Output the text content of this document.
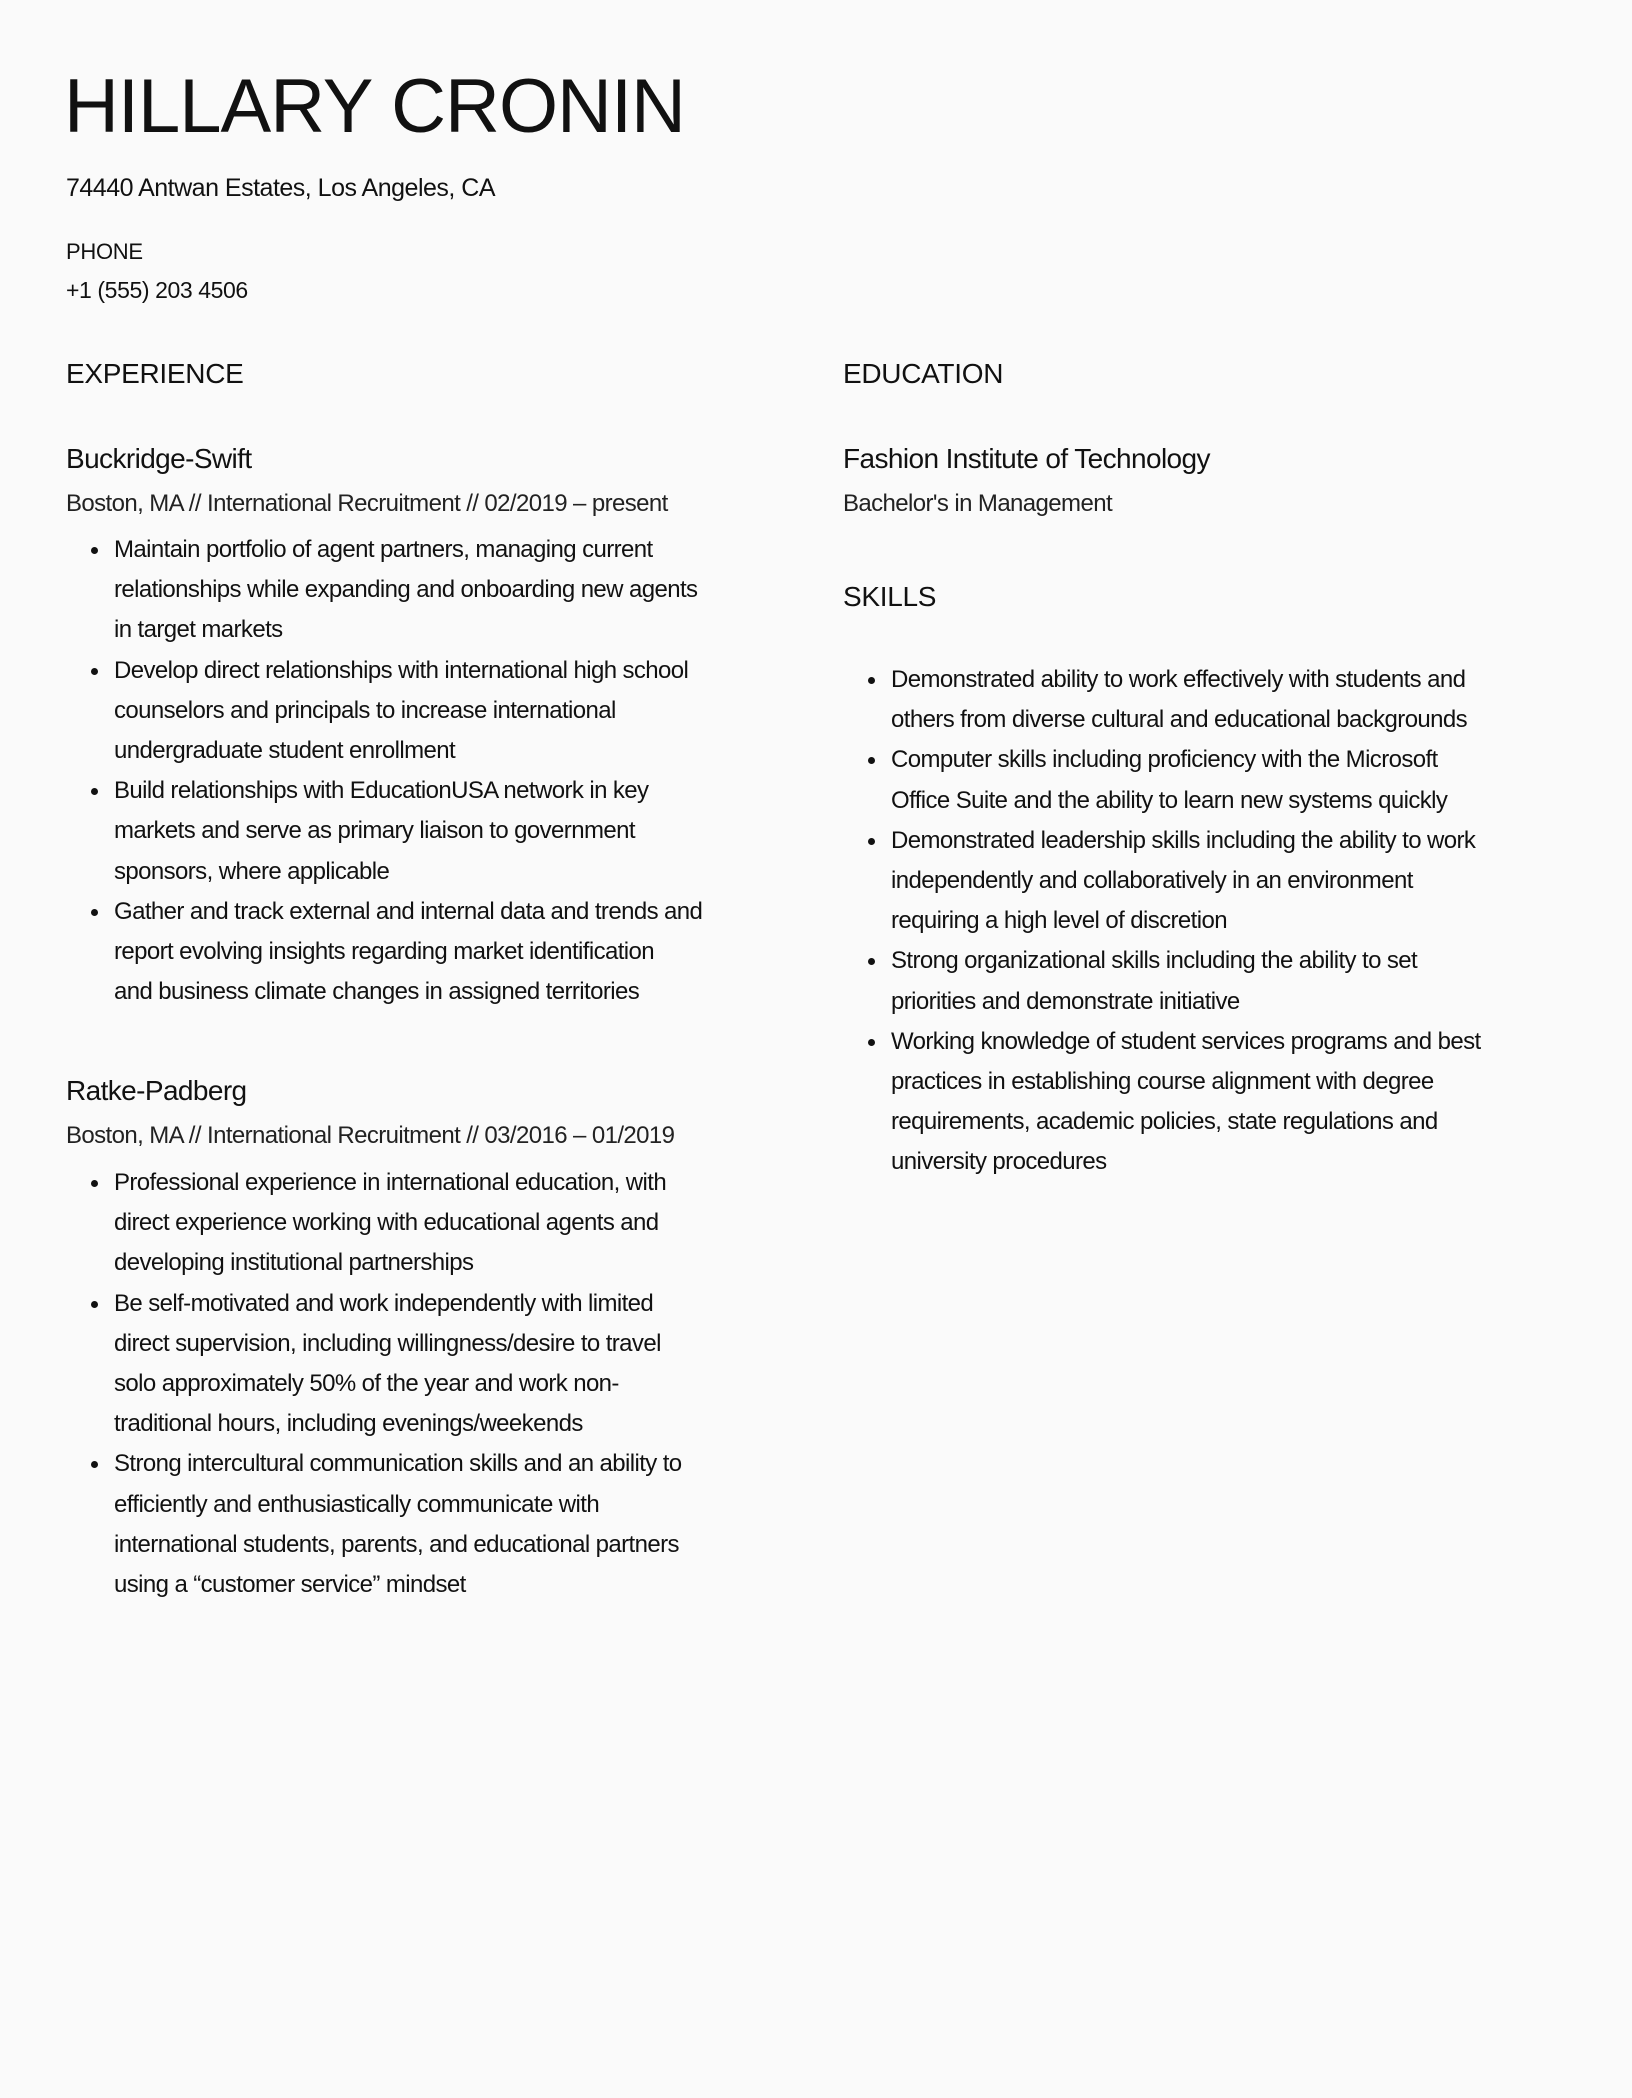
HILLARY CRONIN
74440 Antwan Estates, Los Angeles, CA
PHONE
+1 (555) 203 4506
EXPERIENCE
Buckridge-Swift
Boston, MA // International Recruitment // 02/2019 – present
Maintain portfolio of agent partners, managing current
relationships while expanding and onboarding new agents
in target markets
Develop direct relationships with international high school
counselors and principals to increase international
undergraduate student enrollment
Build relationships with EducationUSA network in key
markets and serve as primary liaison to government
sponsors, where applicable
Gather and track external and internal data and trends and
report evolving insights regarding market identification
and business climate changes in assigned territories
Ratke-Padberg
Boston, MA // International Recruitment // 03/2016 – 01/2019
Professional experience in international education, with
direct experience working with educational agents and
developing institutional partnerships
Be self-motivated and work independently with limited
direct supervision, including willingness/desire to travel
solo approximately 50% of the year and work non-
traditional hours, including evenings/weekends
Strong intercultural communication skills and an ability to
efficiently and enthusiastically communicate with
international students, parents, and educational partners
using a “customer service” mindset
EDUCATION
Fashion Institute of Technology
Bachelor's in Management
SKILLS
Demonstrated ability to work effectively with students and
others from diverse cultural and educational backgrounds
Computer skills including proficiency with the Microsoft
Office Suite and the ability to learn new systems quickly
Demonstrated leadership skills including the ability to work
independently and collaboratively in an environment
requiring a high level of discretion
Strong organizational skills including the ability to set
priorities and demonstrate initiative
Working knowledge of student services programs and best
practices in establishing course alignment with degree
requirements, academic policies, state regulations and
university procedures
